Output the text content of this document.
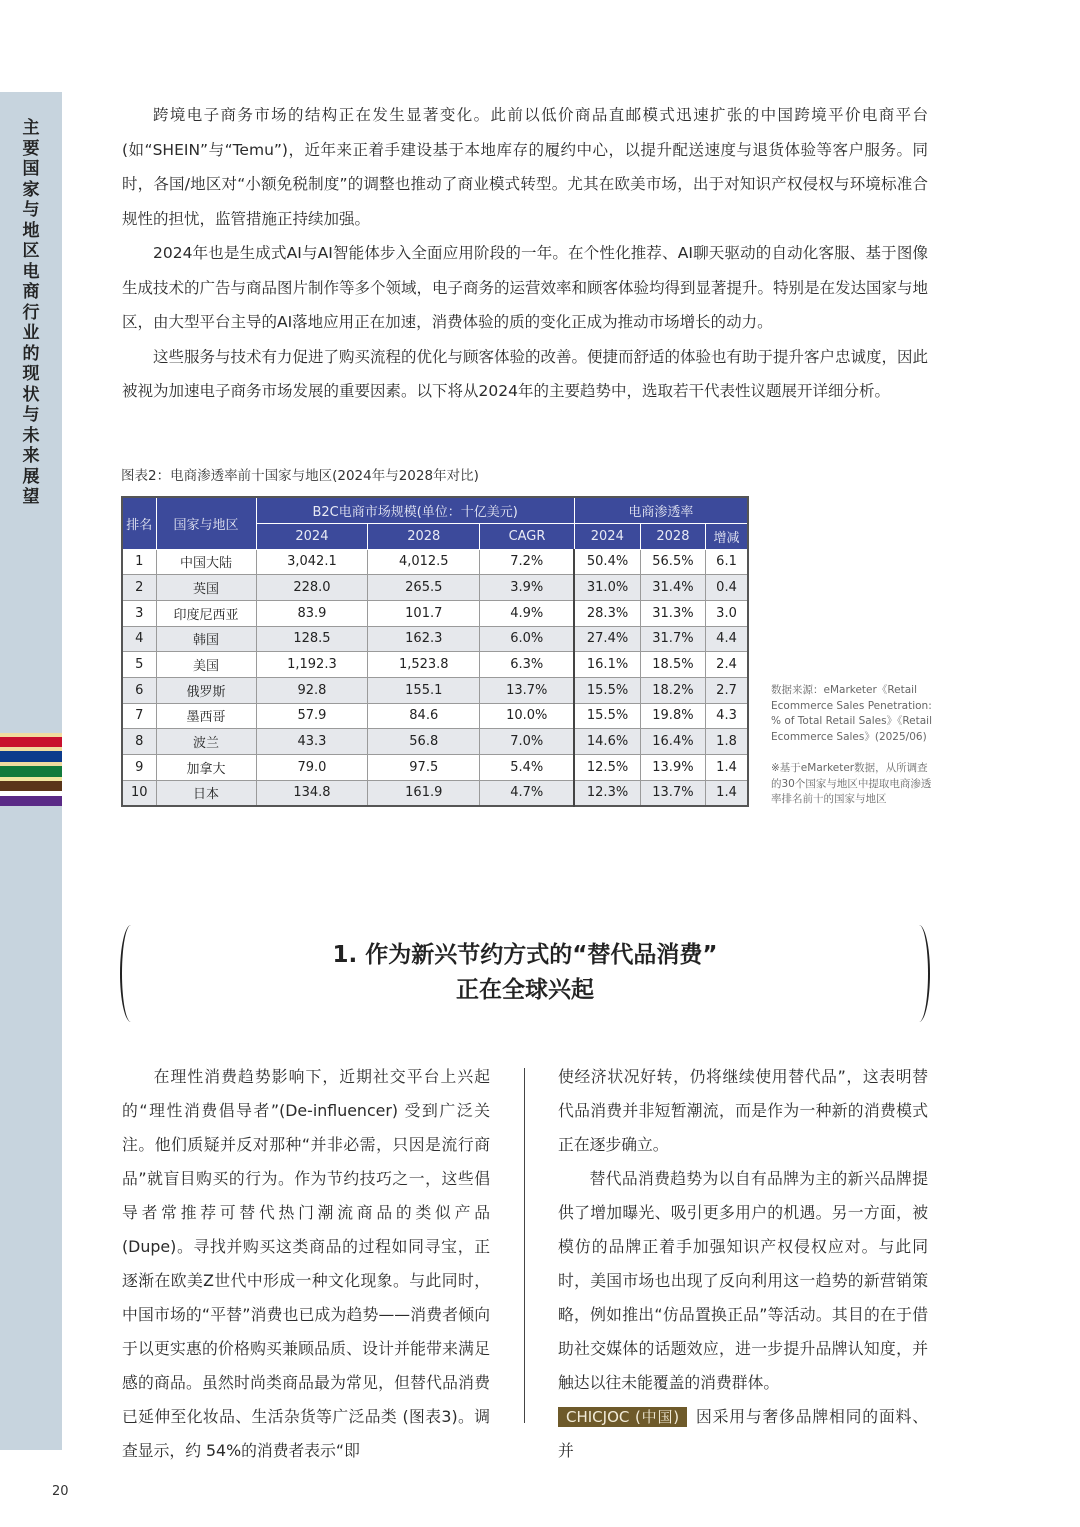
主要国家与地区电商行业的现状与未来展望

跨境电子商务市场的结构正在发生显著变化。此前以低价商品直邮模式迅速扩张的中国跨境平价电商平台(如“SHEIN”与“Temu”)，近年来正着手建设基于本地库存的履约中心，以提升配送速度与退货体验等客户服务。同时，各国/地区对“小额免税制度”的调整也推动了商业模式转型。尤其在欧美市场，出于对知识产权侵权与环境标准合规性的担忧，监管措施正持续加强。

2024年也是生成式AI与AI智能体步入全面应用阶段的一年。在个性化推荐、AI聊天驱动的自动化客服、基于图像生成技术的广告与商品图片制作等多个领域，电子商务的运营效率和顾客体验均得到显著提升。特别是在发达国家与地区，由大型平台主导的AI落地应用正在加速，消费体验的质的变化正成为推动市场增长的动力。

这些服务与技术有力促进了购买流程的优化与顾客体验的改善。便捷而舒适的体验也有助于提升客户忠诚度，因此被视为加速电子商务市场发展的重要因素。以下将从2024年的主要趋势中，选取若干代表性议题展开详细分析。

图表2：电商渗透率前十国家与地区(2024年与2028年对比)
排名	国家与地区	B2C电商市场规模(单位：十亿美元)			电商渗透率		
		2024	2028	CAGR	2024	2028	增减
1	中国大陆	3,042.1	4,012.5	7.2%	50.4%	56.5%	6.1
2	英国	228.0	265.5	3.9%	31.0%	31.4%	0.4
3	印度尼西亚	83.9	101.7	4.9%	28.3%	31.3%	3.0
4	韩国	128.5	162.3	6.0%	27.4%	31.7%	4.4
5	美国	1,192.3	1,523.8	6.3%	16.1%	18.5%	2.4
6	俄罗斯	92.8	155.1	13.7%	15.5%	18.2%	2.7
7	墨西哥	57.9	84.6	10.0%	15.5%	19.8%	4.3
8	波兰	43.3	56.8	7.0%	14.6%	16.4%	1.8
9	加拿大	79.0	97.5	5.4%	12.5%	13.9%	1.4
10	日本	134.8	161.9	4.7%	12.3%	13.7%	1.4
数据来源：eMarketer《Retail Ecommerce Sales Penetration: % of Total Retail Sales》《Retail Ecommerce Sales》(2025/06)
※基于eMarketer数据，从所调查的30个国家与地区中提取电商渗透率排名前十的国家与地区
1. 作为新兴节约方式的“替代品消费”
正在全球兴起

在理性消费趋势影响下，近期社交平台上兴起的“理性消费倡导者”(De-influencer) 受到广泛关注。他们质疑并反对那种“并非必需，只因是流行商品”就盲目购买的行为。作为节约技巧之一，这些倡导者常推荐可替代热门潮流商品的类似产品(Dupe)。寻找并购买这类商品的过程如同寻宝，正逐渐在欧美Z世代中形成一种文化现象。与此同时，中国市场的“平替”消费也已成为趋势——消费者倾向于以更实惠的价格购买兼顾品质、设计并能带来满足感的商品。虽然时尚类商品最为常见，但替代品消费已延伸至化妆品、生活杂货等广泛品类 (图表3)。调查显示，约 54%的消费者表示“即

使经济状况好转，仍将继续使用替代品”，这表明替代品消费并非短暂潮流，而是作为一种新的消费模式正在逐步确立。

替代品消费趋势为以自有品牌为主的新兴品牌提供了增加曝光、吸引更多用户的机遇。另一方面，被模仿的品牌正着手加强知识产权侵权应对。与此同时，美国市场也出现了反向利用这一趋势的新营销策略，例如推出“仿品置换正品”等活动。其目的在于借助社交媒体的话题效应，进一步提升品牌认知度，并触达以往未能覆盖的消费群体。

CHICJOC (中国) 因采用与奢侈品牌相同的面料、并

20
